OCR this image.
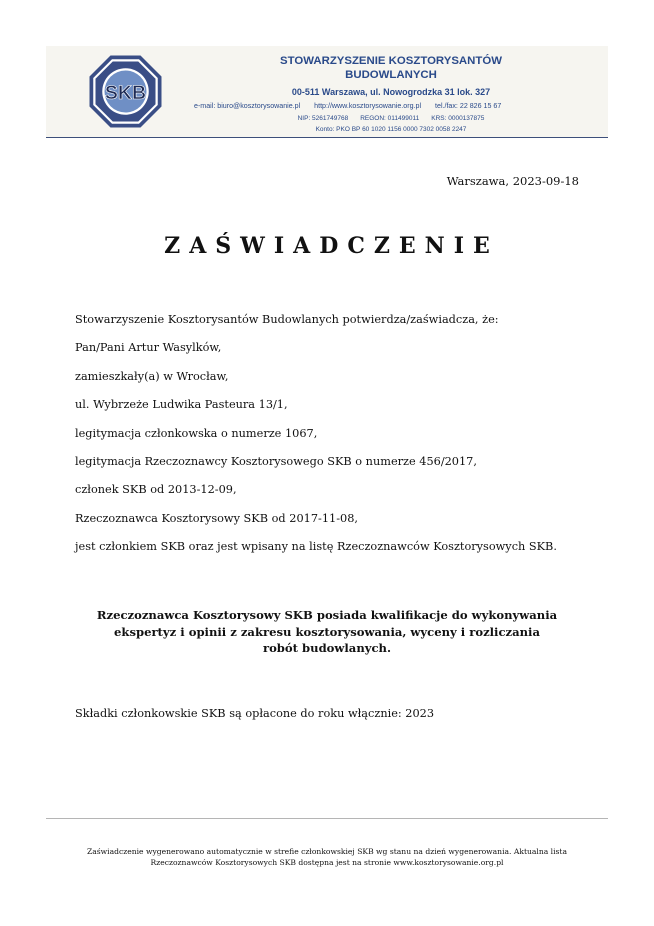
SKB
STOWARZYSZENIE KOSZTORYSANTÓW
BUDOWLANYCH
00-511 Warszawa, ul. Nowogrodzka 31 lok. 327
e-mail: biuro@kosztorysowanie.pl http://www.kosztorysowanie.org.pl tel./fax: 22 826 15 67
NIP: 5261749768 REGON: 011499011 KRS: 0000137875
Konto: PKO BP 60 1020 1156 0000 7302 0058 2247
Warszawa, 2023-09-18
ZAŚWIADCZENIE
Stowarzyszenie Kosztorysantów Budowlanych potwierdza/zaświadcza, że:
Pan/Pani Artur Wasylków,
zamieszkały(a) w Wrocław,
ul. Wybrzeże Ludwika Pasteura 13/1,
legitymacja członkowska o numerze 1067,
legitymacja Rzeczoznawcy Kosztorysowego SKB o numerze 456/2017,
członek SKB od 2013-12-09,
Rzeczoznawca Kosztorysowy SKB od 2017-11-08,
jest członkiem SKB oraz jest wpisany na listę Rzeczoznawców Kosztorysowych SKB.
Rzeczoznawca Kosztorysowy SKB posiada kwalifikacje do wykonywania ekspertyz i opinii z zakresu kosztorysowania, wyceny i rozliczania robót budowlanych.
Składki członkowskie SKB są opłacone do roku włącznie: 2023
Zaświadczenie wygenerowano automatycznie w strefie członkowskiej SKB wg stanu na dzień wygenerowania. Aktualna lista
Rzeczoznawców Kosztorysowych SKB dostępna jest na stronie www.kosztorysowanie.org.pl
